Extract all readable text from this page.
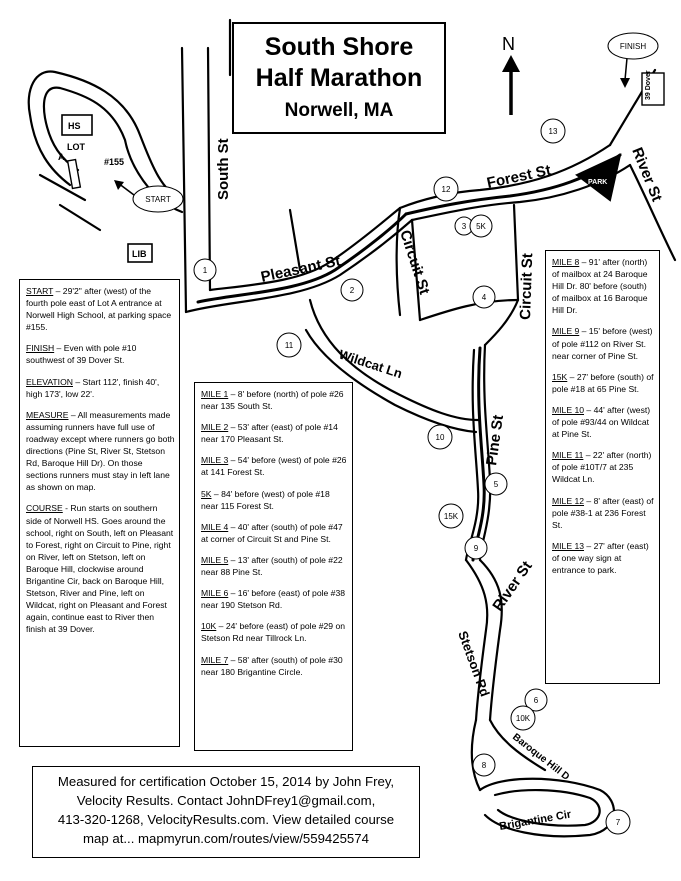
N
HS
LIB
LOT
A	#155
PARK
39 Dover
South St
Pleasant St	Circuit St	Circuit St
Forest St	River St
Wildcat Ln
Pine St
River St
Stetson Rd
Baroque Hill D
Brigantine Cir
START
FINISH
1
2
3 5K
4
5
6
7
8
9
10
11
12
13
10K
15K
South Shore
Half Marathon
Norwell, MA

START – 29'2" after (west) of the fourth pole east of Lot A entrance at Norwell High School, at parking space #155.

FINISH – Even with pole #10 southwest of 39 Dover St.

ELEVATION – Start 112', finish 40', high 173', low 22'.

MEASURE – All measurements made assuming runners have full use of roadway except where runners go both directions (Pine St, River St, Stetson Rd, Baroque Hill Dr). On those sections runners must stay in left lane as shown on map.

COURSE - Run starts on southern side of Norwell HS. Goes around the school, right on South, left on Pleasant to Forest, right on Circuit to Pine, right on River, left on Stetson, left on Baroque Hill, clockwise around Brigantine Cir, back on Baroque Hill, Stetson, River and Pine, left on Wildcat, right on Pleasant and Forest again, continue east to River then finish at 39 Dover.

MILE 1 – 8' before (north) of pole #26 near 135 South St.

MILE 2 – 53' after (east) of pole #14 near 170 Pleasant St.

MILE 3 – 54' before (west) of pole #26 at 141 Forest St.

5K – 84' before (west) of pole #18 near 115 Forest St.

MILE 4 – 40' after (south) of pole #47 at corner of Circuit St and Pine St.

MILE 5 – 13' after (south) of pole #22 near 88 Pine St.

MILE 6 – 16' before (east) of pole #38 near 190 Stetson Rd.

10K – 24' before (east) of pole #29 on Stetson Rd near Tillrock Ln.

MILE 7 – 58' after (south) of pole #30 near 180 Brigantine Circle.

MILE 8 – 91' after (north) of mailbox at 24 Baroque Hill Dr. 80' before (south) of mailbox at 16 Baroque Hill Dr.

MILE 9 – 15' before (west) of pole #112 on River St. near corner of Pine St.

15K – 27' before (south) of pole #18 at 65 Pine St.

MILE 10 – 44' after (west) of pole #93/44 on Wildcat at Pine St.

MILE 11 – 22' after (north) of pole #10T/7 at 235 Wildcat Ln.

MILE 12 – 8' after (east) of pole #38-1 at 236 Forest St.

MILE 13 – 27' after (east) of one way sign at entrance to park.

Measured for certification October 15, 2014 by John Frey,
Velocity Results. Contact JohnDFrey1@gmail.com,
413-320-1268, VelocityResults.com. View detailed course
map at... mapmyrun.com/routes/view/559425574
